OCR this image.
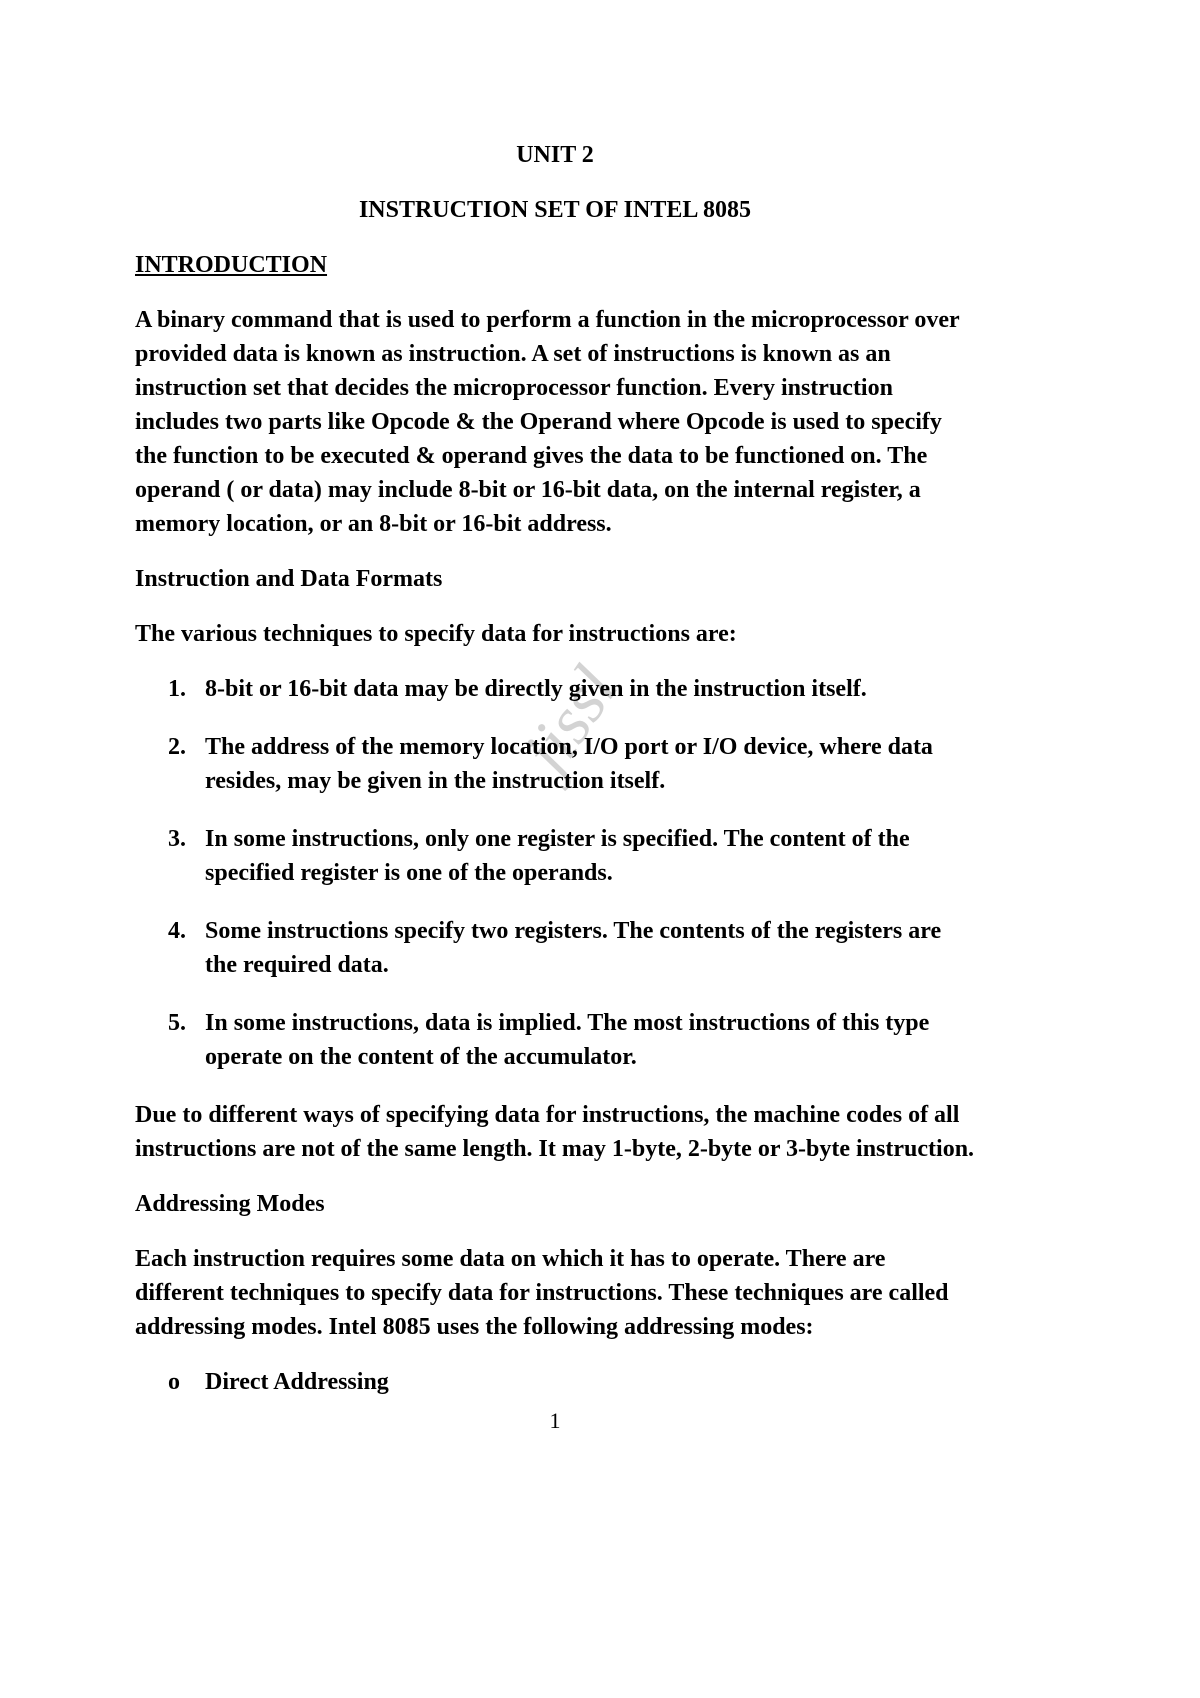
jissl

UNIT 2

INSTRUCTION SET OF INTEL 8085

INTRODUCTION

A binary command that is used to perform a function in the microprocessor over provided data is known as instruction. A set of instructions is known as an instruction set that decides the microprocessor function. Every instruction includes two parts like Opcode & the Operand where Opcode is used to specify the function to be executed & operand gives the data to be functioned on. The operand ( or data) may include 8-bit or 16-bit data, on the internal register, a memory location, or an 8-bit or 16-bit address.

Instruction and Data Formats

The various techniques to specify data for instructions are:

1. 8-bit or 16-bit data may be directly given in the instruction itself.
2. The address of the memory location, I/O port or I/O device, where data resides, may be given in the instruction itself.
3. In some instructions, only one register is specified. The content of the specified register is one of the operands.
4. Some instructions specify two registers. The contents of the registers are the required data.
5. In some instructions, data is implied. The most instructions of this type operate on the content of the accumulator.

Due to different ways of specifying data for instructions, the machine codes of all instructions are not of the same length. It may 1-byte, 2-byte or 3-byte instruction.

Addressing Modes

Each instruction requires some data on which it has to operate. There are different techniques to specify data for instructions. These techniques are called addressing modes. Intel 8085 uses the following addressing modes:

o	Direct Addressing
1
